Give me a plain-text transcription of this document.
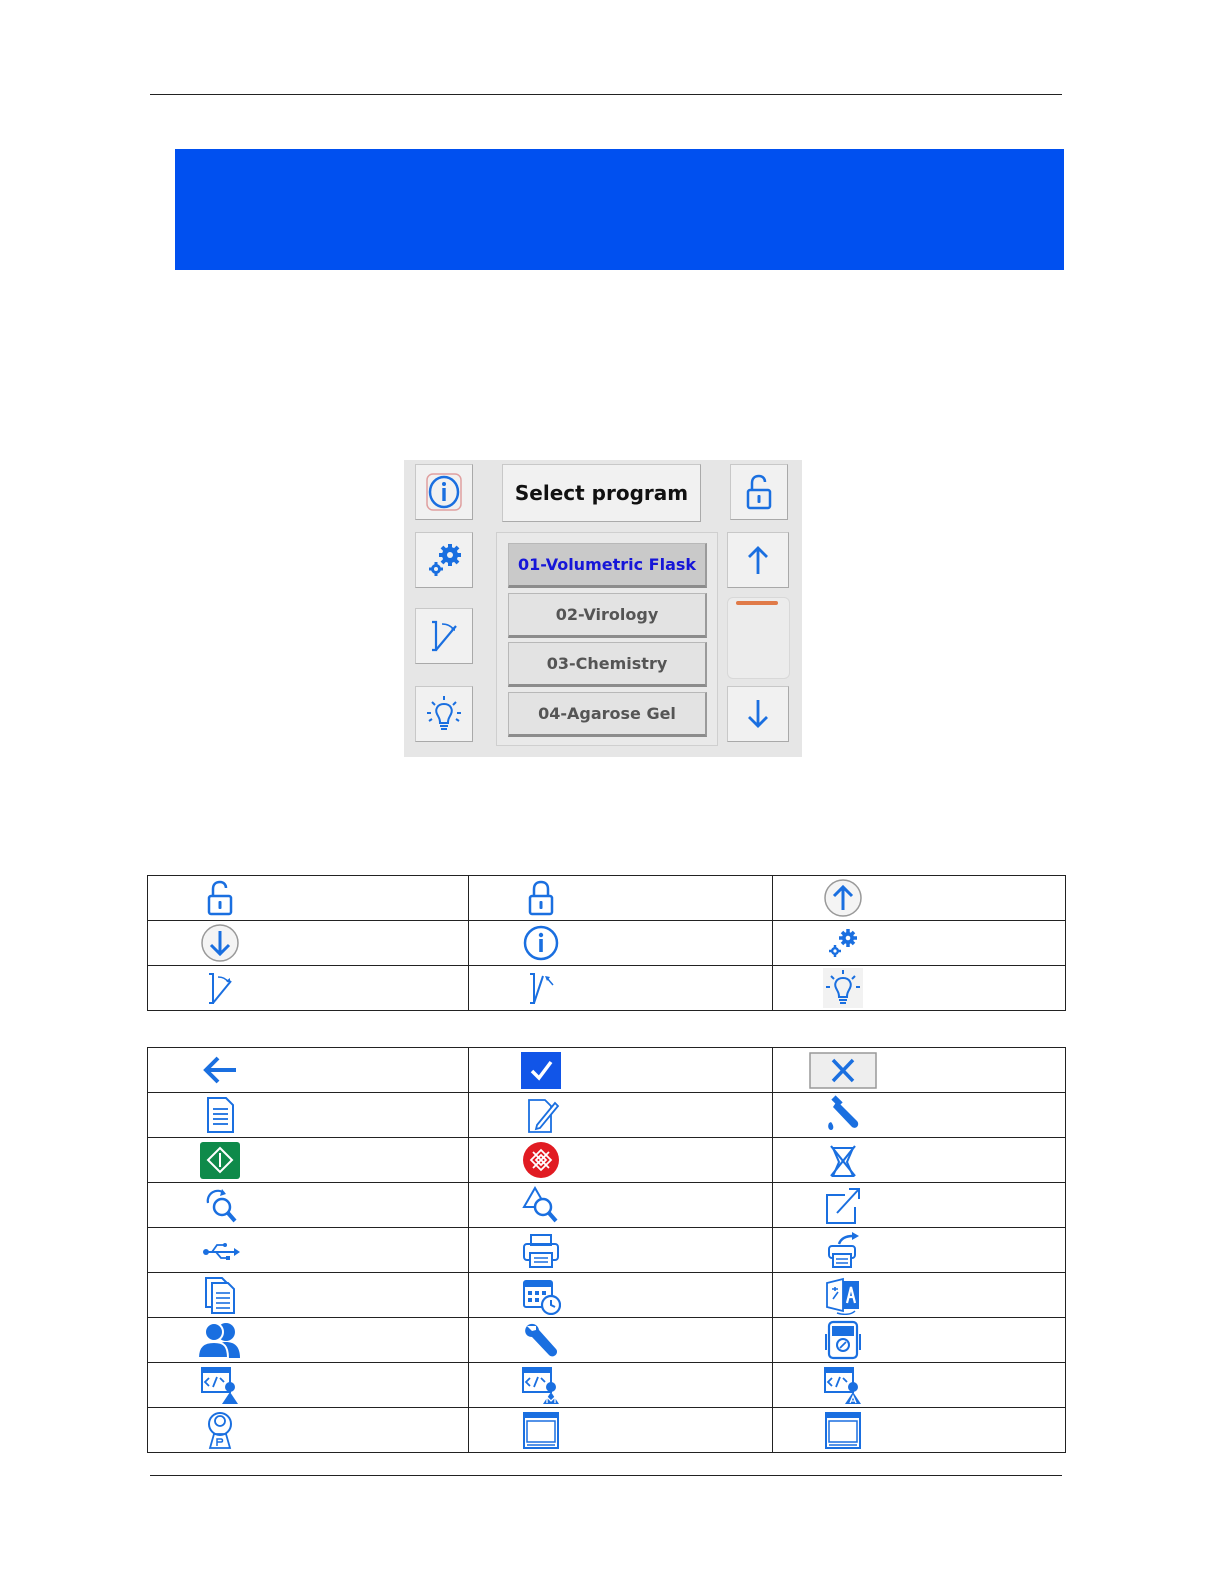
Select program
01-Volumetric Flask
02-Virology
03-Chemistry
04-Agarose Gel
